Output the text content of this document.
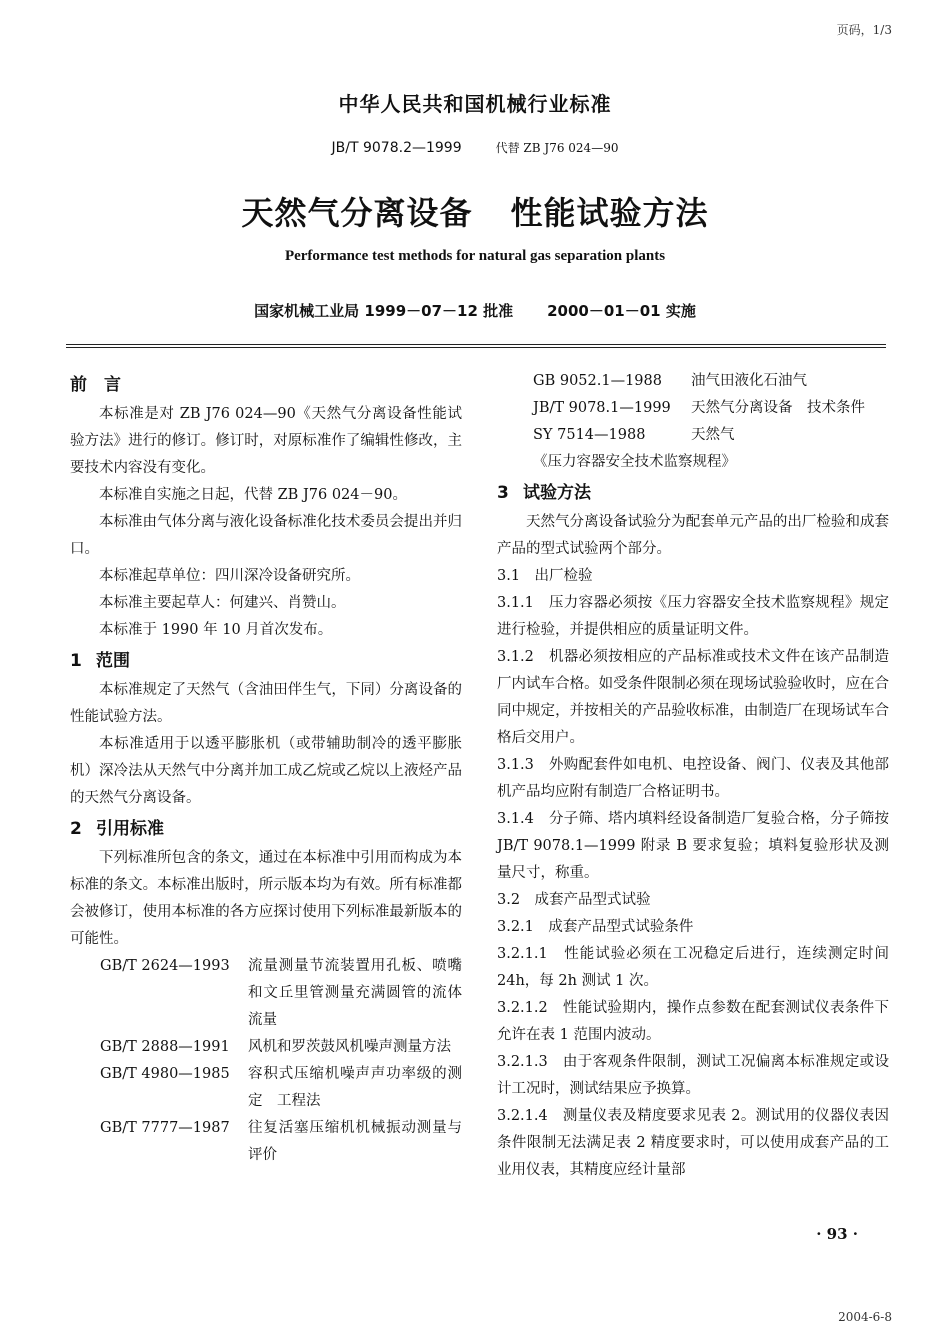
页码，1/3
中华人民共和国机械行业标准
JB/T 9078.2—1999	代替 ZB J76 024—90
天然气分离设备 性能试验方法
Performance test methods for natural gas separation plants
国家机械工业局 1999－07－12 批准 2000－01－01 实施
前　言

本标准是对 ZB J76 024—90《天然气分离设备性能试验方法》进行的修订。修订时，对原标准作了编辑性修改，主要技术内容没有变化。

本标准自实施之日起，代替 ZB J76 024－90。

本标准由气体分离与液化设备标准化技术委员会提出并归口。

本标准起草单位：四川深冷设备研究所。

本标准主要起草人：何建兴、肖赞山。

本标准于 1990 年 10 月首次发布。

1 范围

本标准规定了天然气（含油田伴生气，下同）分离设备的性能试验方法。

本标准适用于以透平膨胀机（或带辅助制冷的透平膨胀机）深冷法从天然气中分离并加工成乙烷或乙烷以上液烃产品的天然气分离设备。

2 引用标准

下列标准所包含的条文，通过在本标准中引用而构成为本标准的条文。本标准出版时，所示版本均为有效。所有标准都会被修订，使用本标准的各方应探讨使用下列标准最新版本的可能性。

GB/T 2624—1993	流量测量节流装置用孔板、喷嘴和文丘里管测量充满圆管的流体流量
GB/T 2888—1991	风机和罗茨鼓风机噪声测量方法
GB/T 4980—1985	容积式压缩机噪声声功率级的测定　工程法
GB/T 7777—1987	往复活塞压缩机机械振动测量与评价
GB 9052.1—1988	油气田液化石油气
JB/T 9078.1—1999	天然气分离设备　技术条件
SY 7514—1988	天然气
《压力容器安全技术监察规程》
3 试验方法

天然气分离设备试验分为配套单元产品的出厂检验和成套产品的型式试验两个部分。

3.1　出厂检验

3.1.1　压力容器必须按《压力容器安全技术监察规程》规定进行检验，并提供相应的质量证明文件。

3.1.2　机器必须按相应的产品标准或技术文件在该产品制造厂内试车合格。如受条件限制必须在现场试验验收时，应在合同中规定，并按相关的产品验收标准，由制造厂在现场试车合格后交用户。

3.1.3　外购配套件如电机、电控设备、阀门、仪表及其他部机产品均应附有制造厂合格证明书。

3.1.4　分子筛、塔内填料经设备制造厂复验合格，分子筛按 JB/T 9078.1—1999 附录 B 要求复验；填料复验形状及测量尺寸，称重。

3.2　成套产品型式试验

3.2.1　成套产品型式试验条件

3.2.1.1　性能试验必须在工况稳定后进行，连续测定时间 24h，每 2h 测试 1 次。

3.2.1.2　性能试验期内，操作点参数在配套测试仪表条件下允许在表 1 范围内波动。

3.2.1.3　由于客观条件限制，测试工况偏离本标准规定或设计工况时，测试结果应予换算。

3.2.1.4　测量仪表及精度要求见表 2。测试用的仪器仪表因条件限制无法满足表 2 精度要求时，可以使用成套产品的工业用仪表，其精度应经计量部

· 93 ·
2004-6-8
